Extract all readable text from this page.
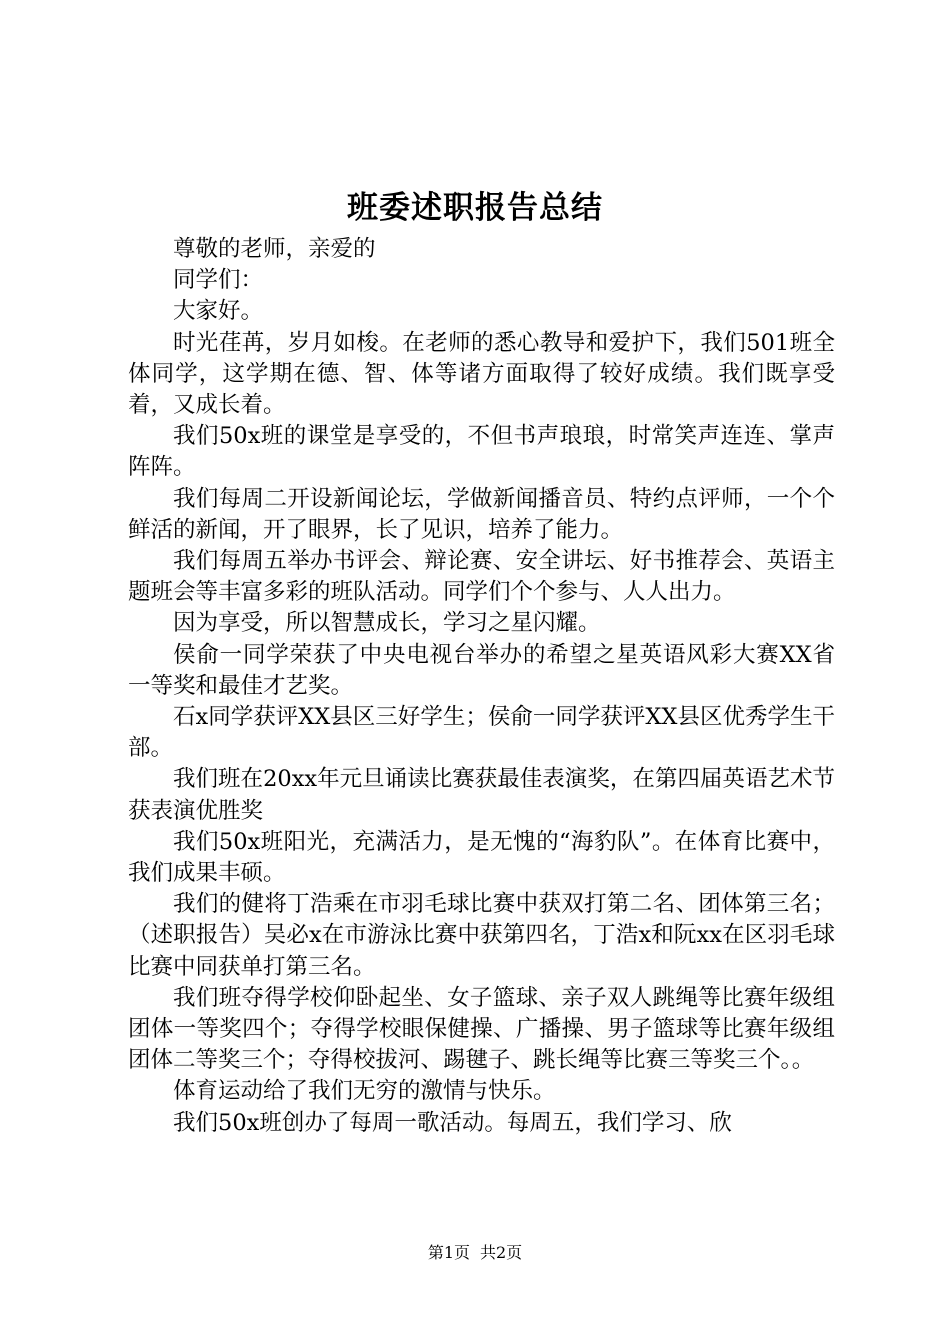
班委述职报告总结

尊敬的老师，亲爱的

同学们：

大家好。

时光荏苒，岁月如梭。在老师的悉心教导和爱护下，我们501班全体同学，这学期在德、智、体等诸方面取得了较好成绩。我们既享受着，又成长着。

我们50x班的课堂是享受的，不但书声琅琅，时常笑声连连、掌声阵阵。

我们每周二开设新闻论坛，学做新闻播音员、特约点评师，一个个鲜活的新闻，开了眼界，长了见识，培养了能力。

我们每周五举办书评会、辩论赛、安全讲坛、好书推荐会、英语主题班会等丰富多彩的班队活动。同学们个个参与、人人出力。

因为享受，所以智慧成长，学习之星闪耀。

侯俞一同学荣获了中央电视台举办的希望之星英语风彩大赛XX省一等奖和最佳才艺奖。

石x同学获评XX县区三好学生；侯俞一同学获评XX县区优秀学生干部。

我们班在20xx年元旦诵读比赛获最佳表演奖，在第四届英语艺术节获表演优胜奖

我们50x班阳光，充满活力，是无愧的“海豹队”。在体育比赛中，我们成果丰硕。

我们的健将丁浩乘在市羽毛球比赛中获双打第二名、团体第三名；（述职报告）吴必x在市游泳比赛中获第四名，丁浩x和阮xx在区羽毛球比赛中同获单打第三名。

我们班夺得学校仰卧起坐、女子篮球、亲子双人跳绳等比赛年级组团体一等奖四个；夺得学校眼保健操、广播操、男子篮球等比赛年级组团体二等奖三个；夺得校拔河、踢毽子、跳长绳等比赛三等奖三个。。

体育运动给了我们无穷的激情与快乐。

我们50x班创办了每周一歌活动。每周五，我们学习、欣

第1页 共2页
